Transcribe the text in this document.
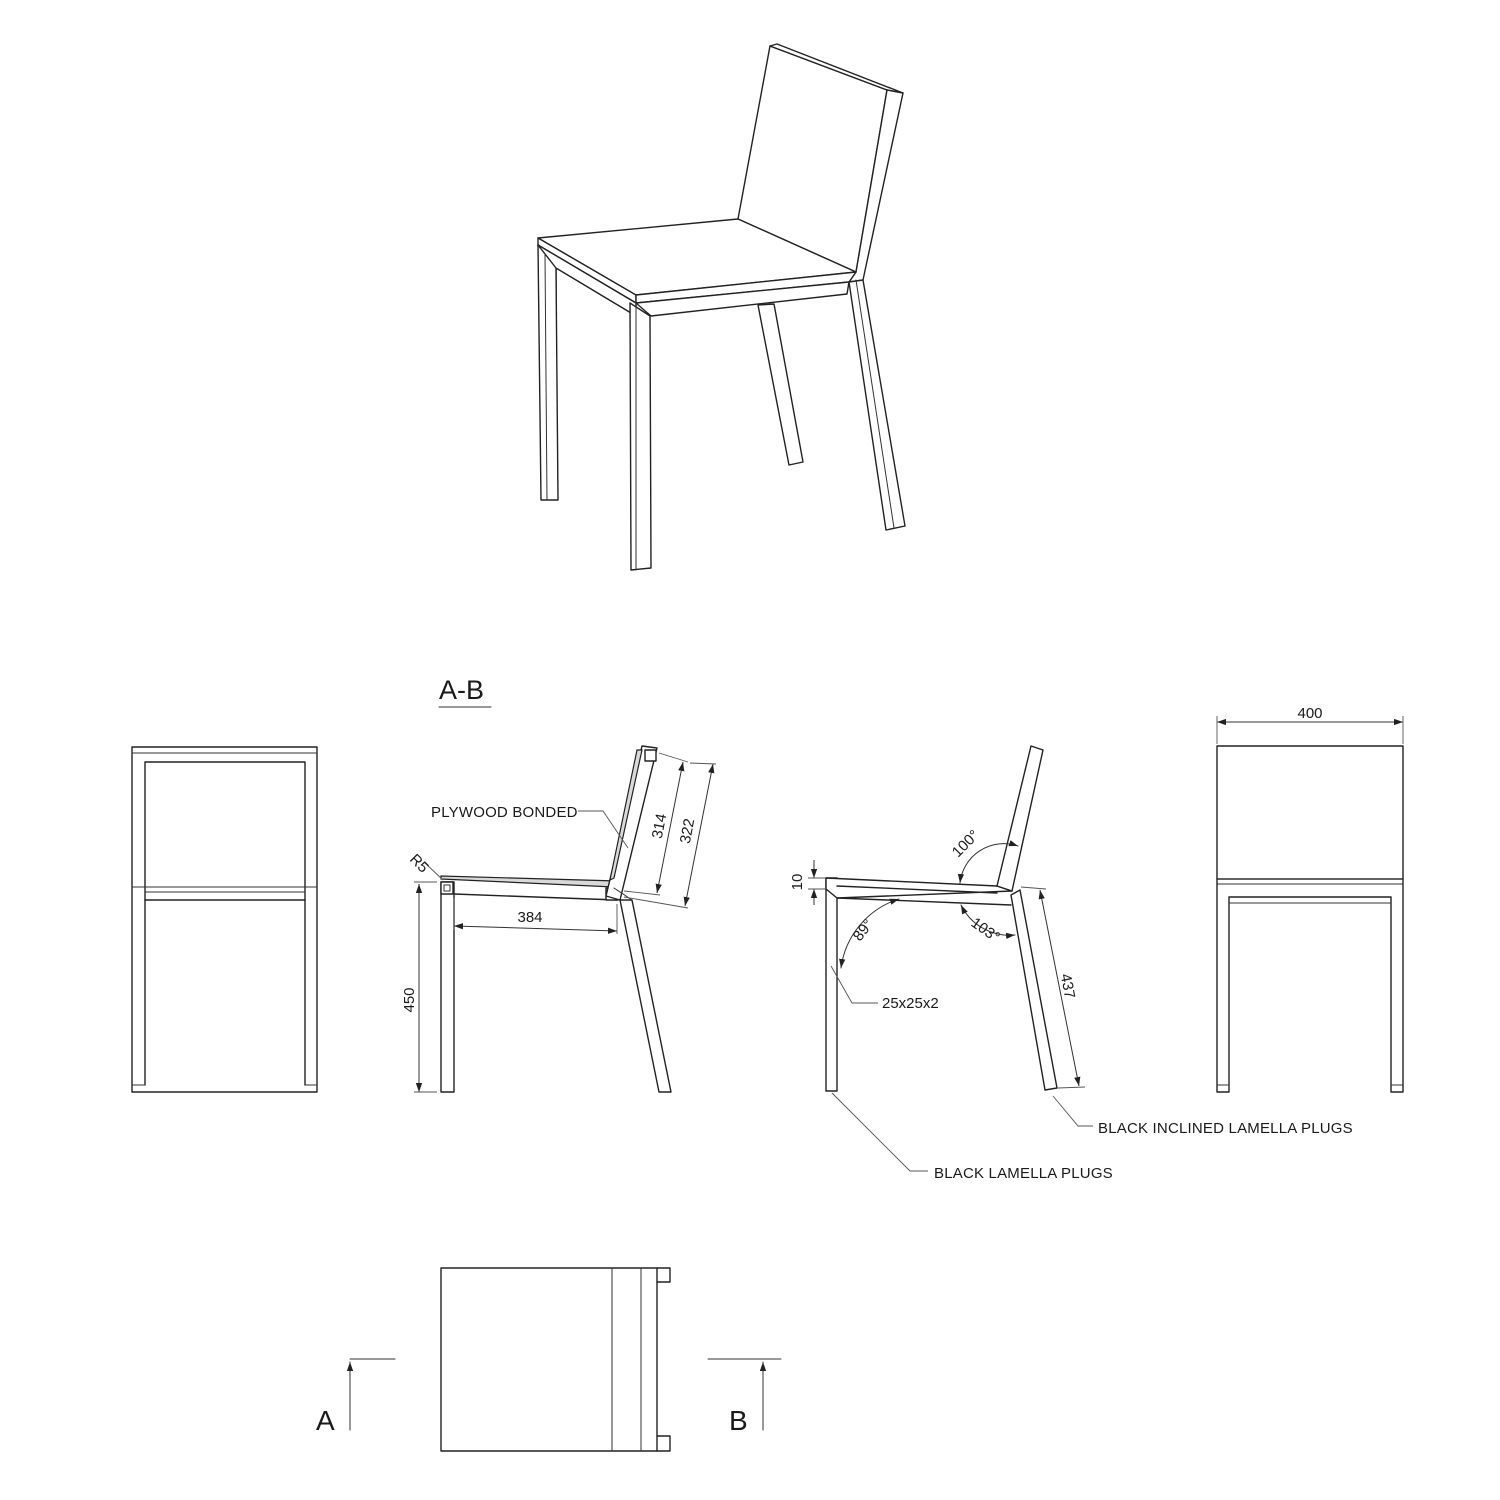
A-B
450
384
314 322
R5
PLYWOOD BONDED
100°
89°	103°
10
437
25x25x2
BLACK INCLINED LAMELLA PLUGS
BLACK LAMELLA PLUGS
400
A	B
